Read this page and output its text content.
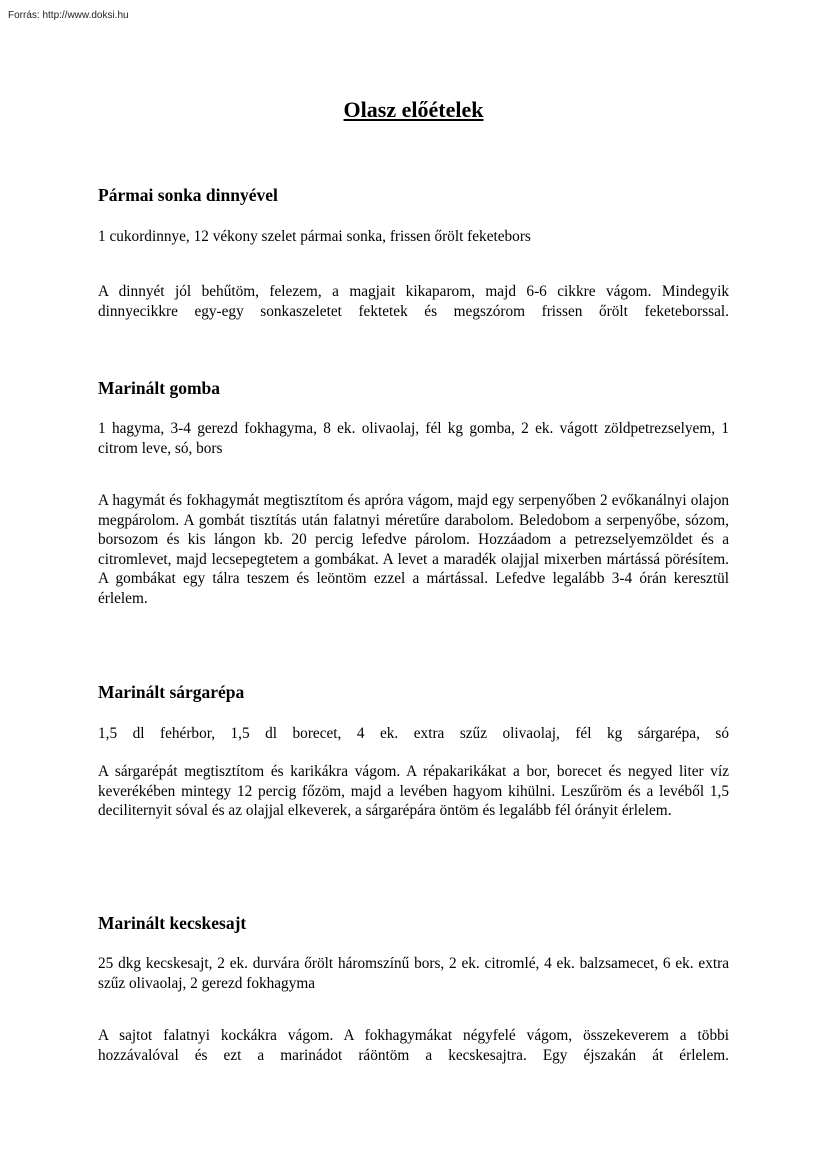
Forrás: http://www.doksi.hu
Olasz előételek
Pármai sonka dinnyével
1 cukordinnye, 12 vékony szelet pármai sonka, frissen őrölt feketebors
A dinnyét jól behűtöm, felezem, a magjait kikaparom, majd 6-6 cikkre vágom. Mindegyik dinnyecikkre egy-egy sonkaszeletet fektetek és megszórom frissen őrölt feketeborssal.
Marinált gomba
1 hagyma, 3-4 gerezd fokhagyma, 8 ek. olivaolaj, fél kg gomba, 2 ek. vágott zöldpetrezselyem, 1 citrom leve, só, bors
A hagymát és fokhagymát megtisztítom és apróra vágom, majd egy serpenyőben 2 evőkanálnyi olajon megpárolom. A gombát tisztítás után falatnyi méretűre darabolom. Beledobom a serpenyőbe, sózom, borsozom és kis lángon kb. 20 percig lefedve párolom. Hozzáadom a petrezselyemzöldet és a citromlevet, majd lecsepegtetem a gombákat. A levet a maradék olajjal mixerben mártássá pörésítem. A gombákat egy tálra teszem és leöntöm ezzel a mártással. Lefedve legalább 3-4 órán keresztül érlelem.
Marinált sárgarépa
1,5 dl fehérbor, 1,5 dl borecet, 4 ek. extra szűz olivaolaj, fél kg sárgarépa, só
A sárgarépát megtisztítom és karikákra vágom. A répakarikákat a bor, borecet és negyed liter víz keverékében mintegy 12 percig főzöm, majd a levében hagyom kihülni. Leszűröm és a levéből 1,5 deciliternyit sóval és az olajjal elkeverek, a sárgarépára öntöm és legalább fél órányit érlelem.
Marinált kecskesajt
25 dkg kecskesajt, 2 ek. durvára őrölt háromszínű bors, 2 ek. citromlé, 4 ek. balzsamecet, 6 ek. extra szűz olivaolaj, 2 gerezd fokhagyma
A sajtot falatnyi kockákra vágom. A fokhagymákat négyfelé vágom, összekeverem a többi hozzávalóval és ezt a marinádot ráöntöm a kecskesajtra. Egy éjszakán át érlelem.
